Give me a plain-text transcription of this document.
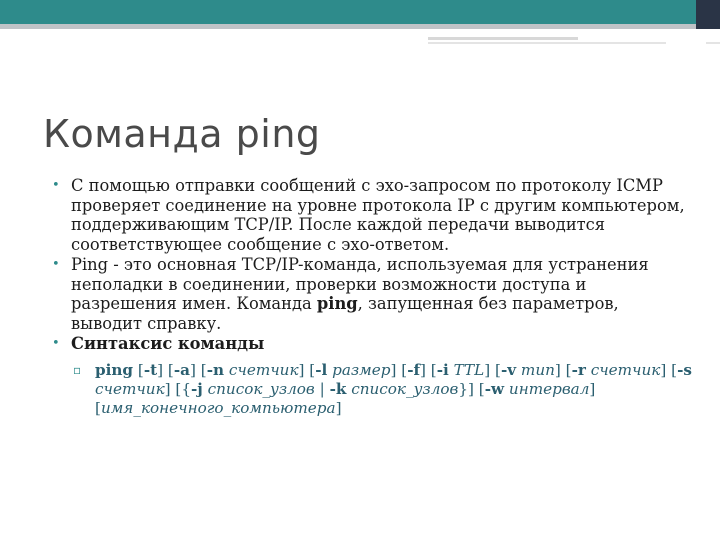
Команда ping
• С помощью отправки сообщений с эхо-запросом по протоколу ICMP проверяет соединение на уровне протокола IP с другим компьютером, поддерживающим TCP/IP. После каждой передачи выводится соответствующее сообщение с эхо-ответом.
• Ping - это основная TCP/IP-команда, используемая для устранения неполадки в соединении, проверки возможности доступа и разрешения имен. Команда ping, запущенная без параметров, выводит справку.
• Синтаксис команды
▫ ping [-t] [-a] [-n счетчик] [-l размер] [-f] [-i TTL] [-v тип] [-r счетчик] [-s счетчик] [{-j список_узлов | -k список_узлов}] [-w интервал] [имя_конечного_компьютера]
